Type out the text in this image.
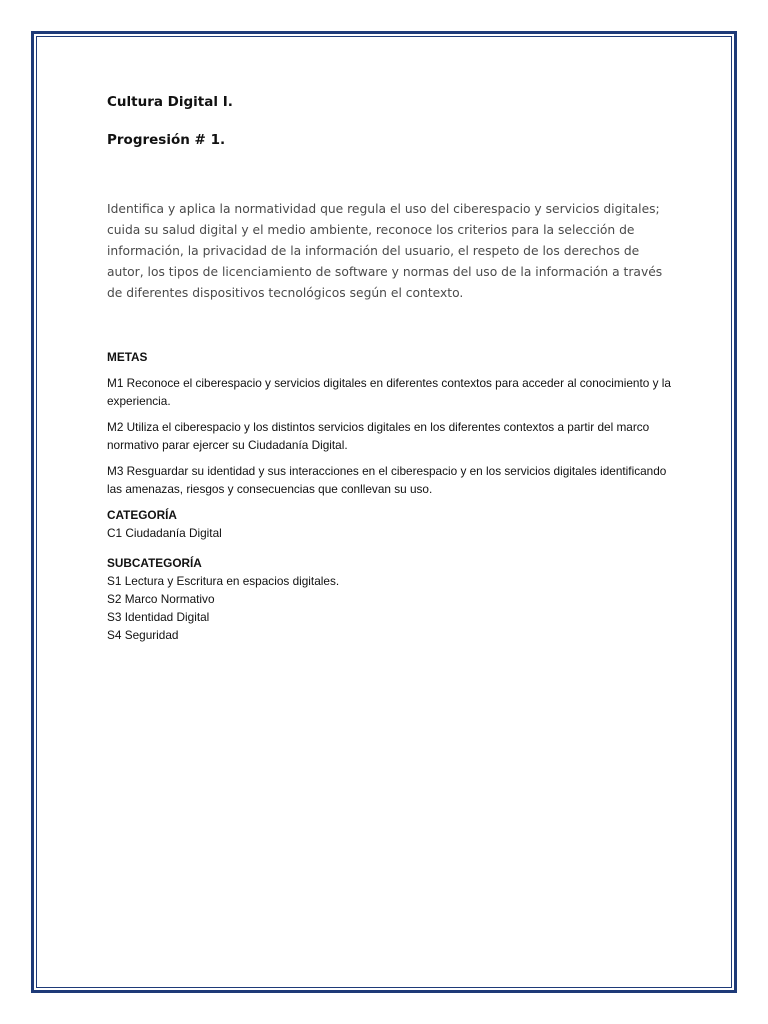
Cultura Digital I.

Progresión # 1.

Identifica y aplica la normatividad que regula el uso del ciberespacio y servicios digitales; cuida su salud digital y el medio ambiente, reconoce los criterios para la selección de información, la privacidad de la información del usuario, el respeto de los derechos de autor, los tipos de licenciamiento de software y normas del uso de la información a través de diferentes dispositivos tecnológicos según el contexto.

METAS

M1 Reconoce el ciberespacio y servicios digitales en diferentes contextos para acceder al conocimiento y la experiencia.

M2 Utiliza el ciberespacio y los distintos servicios digitales en los diferentes contextos a partir del marco normativo parar ejercer su Ciudadanía Digital.

M3 Resguardar su identidad y sus interacciones en el ciberespacio y en los servicios digitales identificando las amenazas, riesgos y consecuencias que conllevan su uso.

CATEGORÍA

C1 Ciudadanía Digital

SUBCATEGORÍA

S1 Lectura y Escritura en espacios digitales.

S2 Marco Normativo

S3 Identidad Digital

S4 Seguridad
